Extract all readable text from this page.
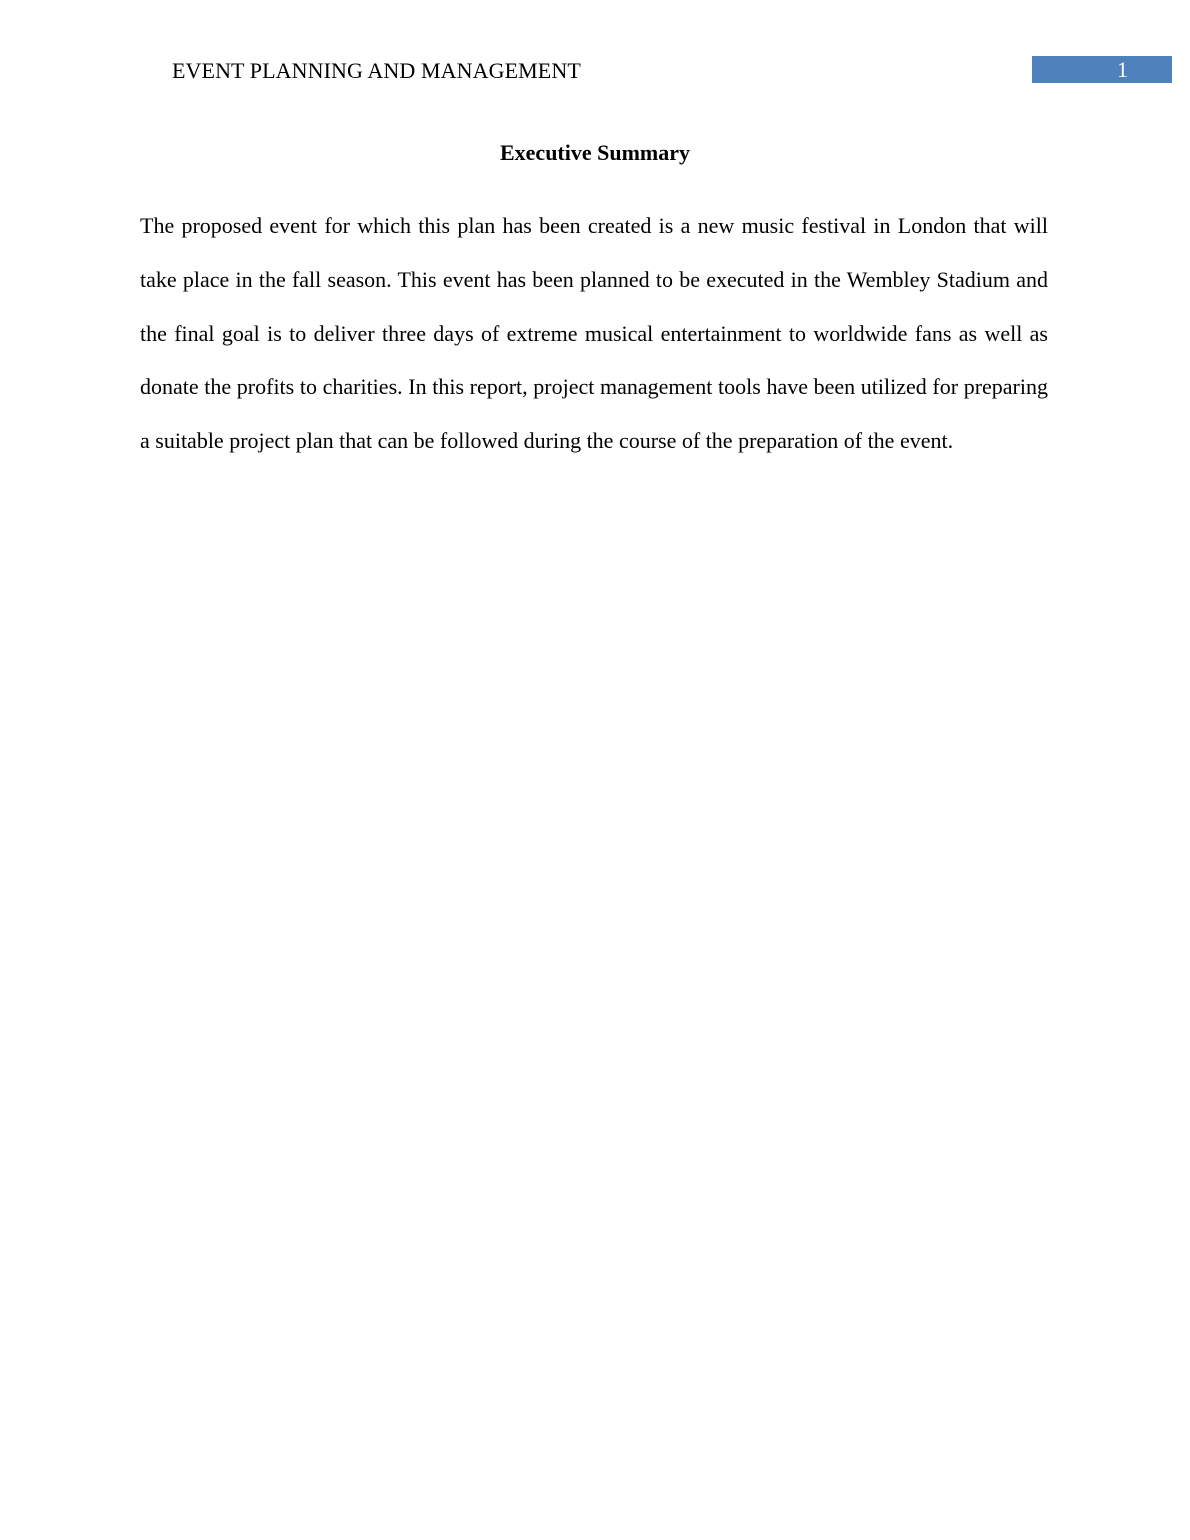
EVENT PLANNING AND MANAGEMENT	1
Executive Summary

The proposed event for which this plan has been created is a new music festival in London that will take place in the fall season. This event has been planned to be executed in the Wembley Stadium and the final goal is to deliver three days of extreme musical entertainment to worldwide fans as well as donate the profits to charities. In this report, project management tools have been utilized for preparing a suitable project plan that can be followed during the course of the preparation of the event.
